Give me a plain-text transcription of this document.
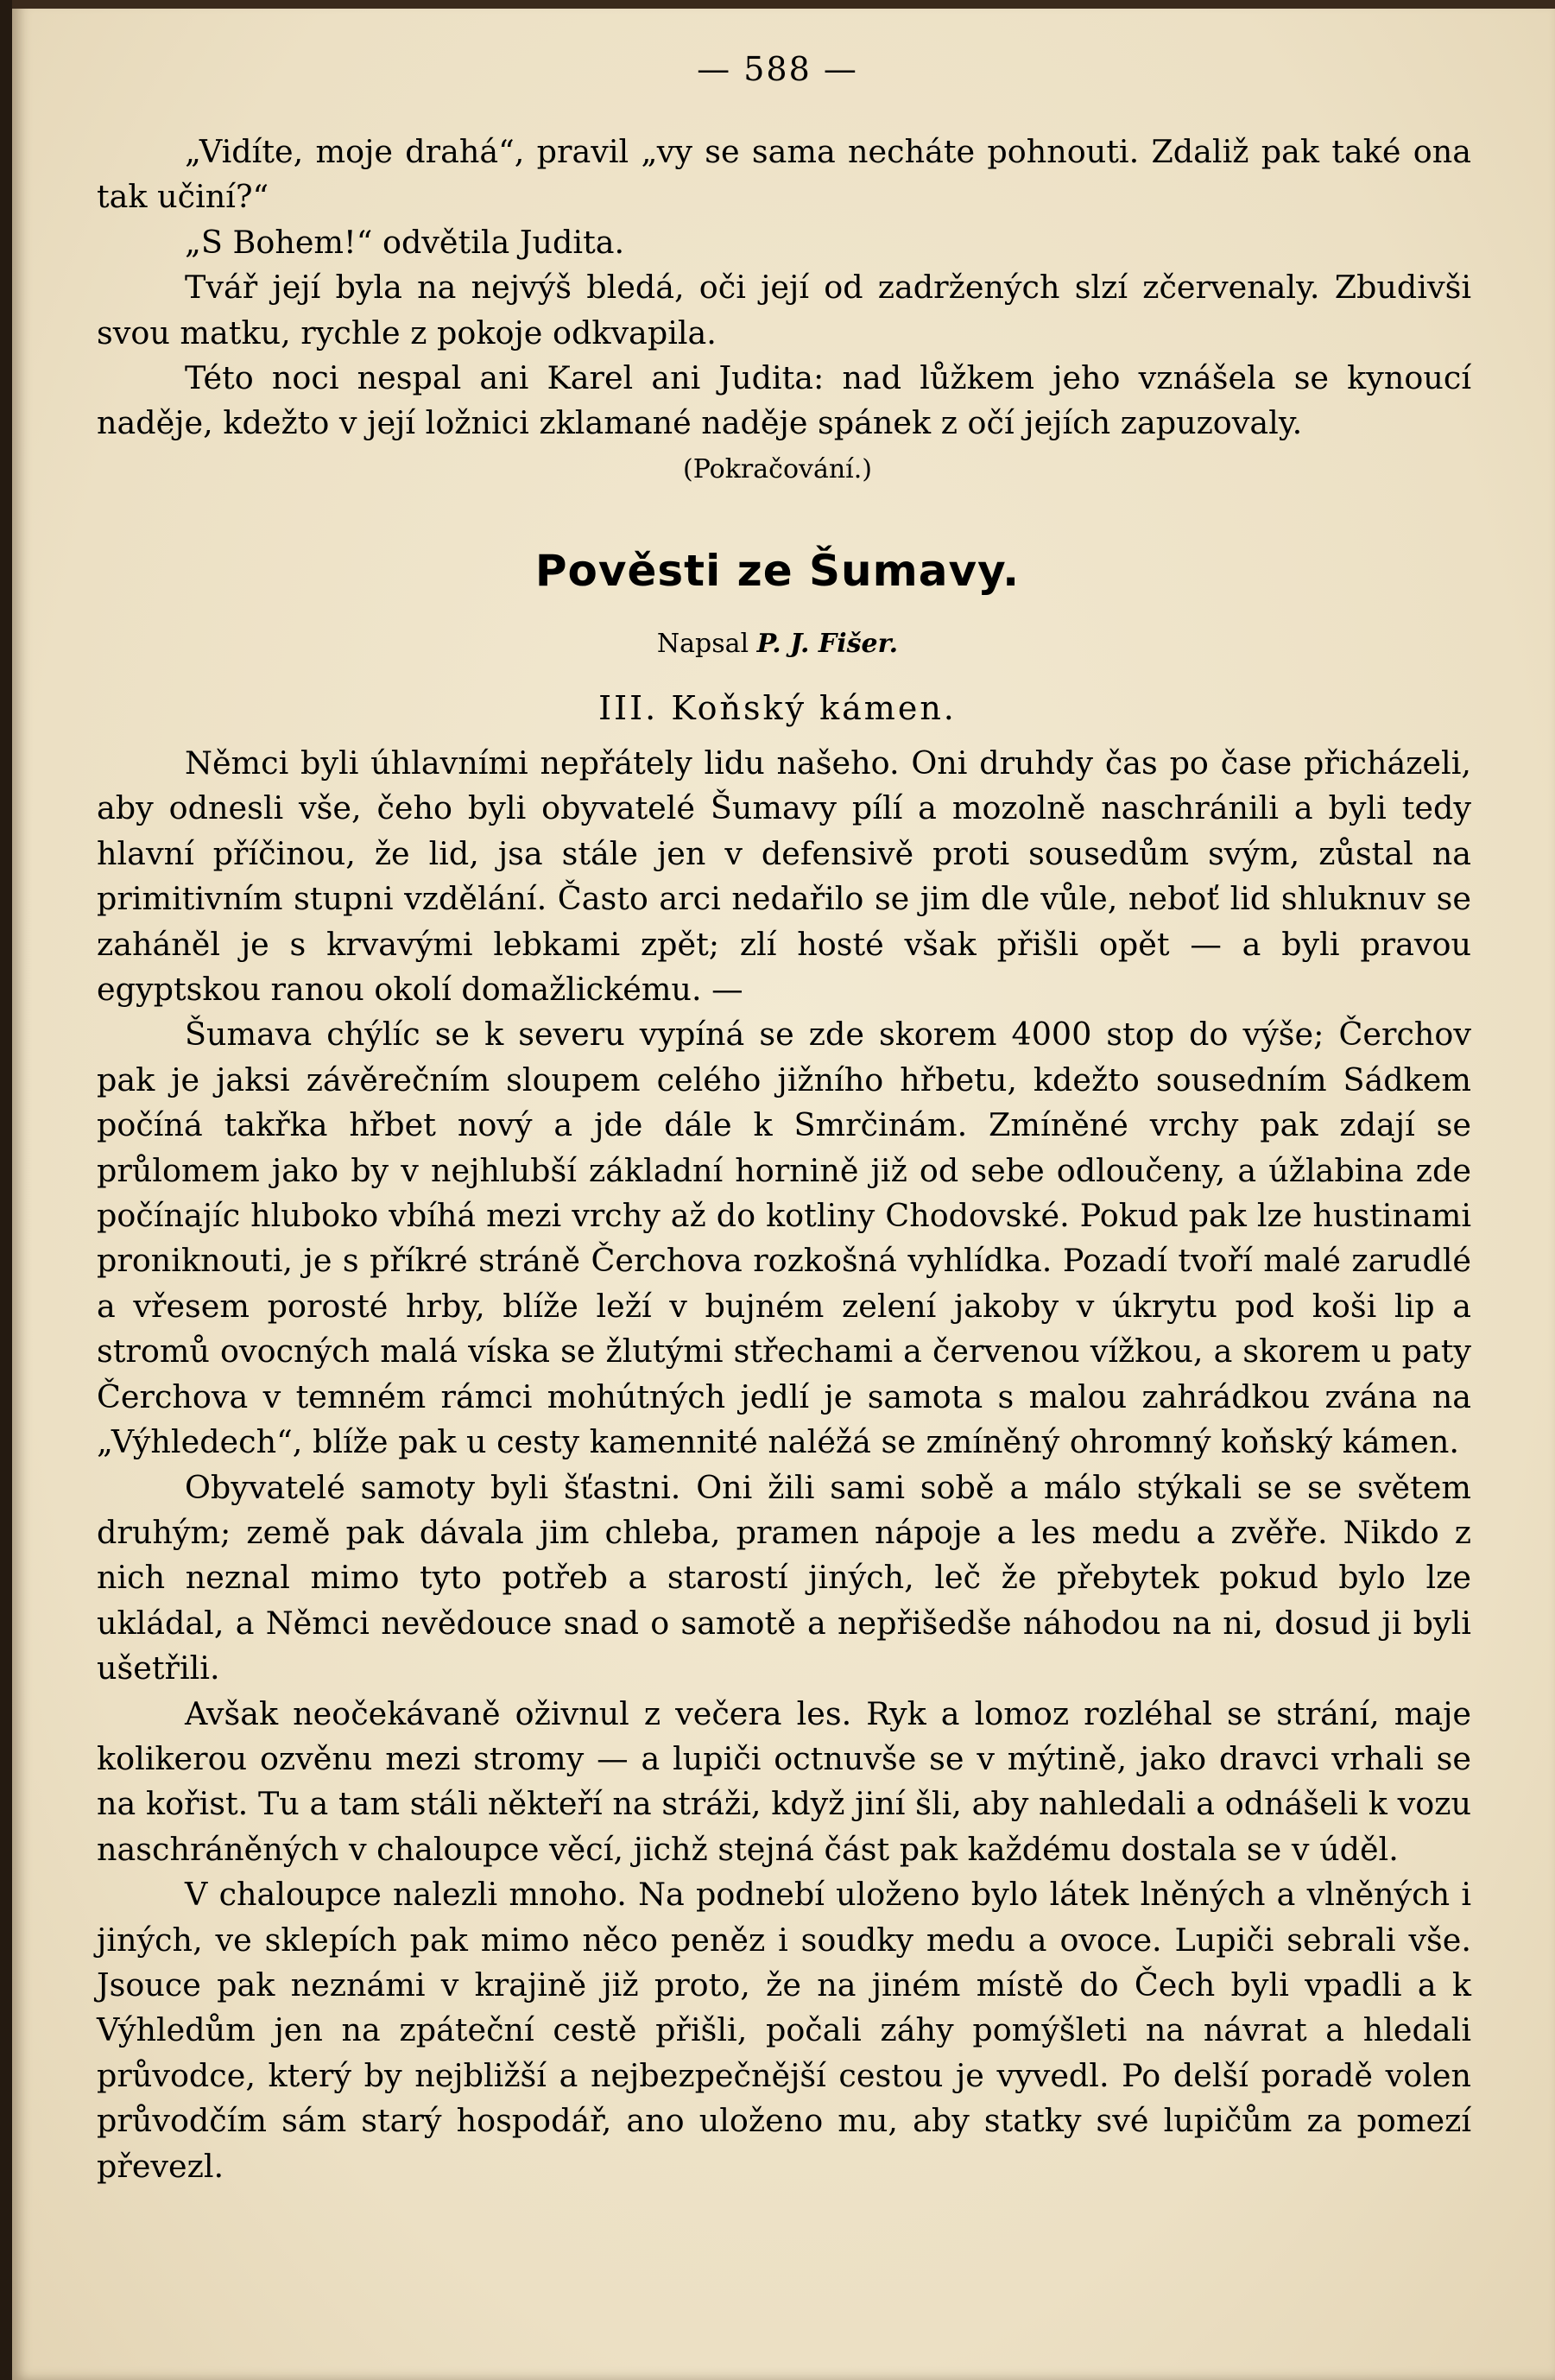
— 588 —

„Vidíte, moje drahá“, pravil „vy se sama necháte pohnouti. Zdaliž pak také ona tak učiní?“

„S Bohem!“ odvětila Judita.

Tvář její byla na nejvýš bledá, oči její od zadržených slzí zčervenaly. Zbudivši svou matku, rychle z pokoje odkvapila.

Této noci nespal ani Karel ani Judita: nad lůžkem jeho vznášela se kynoucí naděje, kdežto v její ložnici zklamané naděje spánek z očí jejích zapuzovaly.

(Pokračování.)
Pověsti ze Šumavy.
Napsal P. J. Fišer.
III. Koňský kámen.

Němci byli úhlavními nepřátely lidu našeho. Oni druhdy čas po čase přicházeli, aby odnesli vše, čeho byli obyvatelé Šumavy pílí a mozolně naschránili a byli tedy hlavní příčinou, že lid, jsa stále jen v defensivě proti sousedům svým, zůstal na primitivním stupni vzdělání. Často arci nedařilo se jim dle vůle, neboť lid shluknuv se zaháněl je s krvavými lebkami zpět; zlí hosté však přišli opět — a byli pravou egyptskou ranou okolí domažlickému. —

Šumava chýlíc se k severu vypíná se zde skorem 4000 stop do výše; Čerchov pak je jaksi závěrečním sloupem celého jižního hřbetu, kdežto sousedním Sádkem počíná takřka hřbet nový a jde dále k Smrčinám. Zmíněné vrchy pak zdají se průlomem jako by v nejhlubší základní hornině již od sebe odloučeny, a úžlabina zde počínajíc hluboko vbíhá mezi vrchy až do kotliny Chodovské. Pokud pak lze hustinami proniknouti, je s příkré stráně Čerchova rozkošná vyhlídka. Pozadí tvoří malé zarudlé a vřesem porosté hrby, blíže leží v bujném zelení jakoby v úkrytu pod koši lip a stromů ovocných malá víska se žlutými střechami a červenou vížkou, a skorem u paty Čerchova v temném rámci mohútných jedlí je samota s malou zahrádkou zvána na „Výhledech“, blíže pak u cesty kamennité naléžá se zmíněný ohromný koňský kámen.

Obyvatelé samoty byli šťastni. Oni žili sami sobě a málo stýkali se se světem druhým; země pak dávala jim chleba, pramen nápoje a les medu a zvěře. Nikdo z nich neznal mimo tyto potřeb a starostí jiných, leč že přebytek pokud bylo lze ukládal, a Němci nevědouce snad o samotě a nepřišedše náhodou na ni, dosud ji byli ušetřili.

Avšak neočekávaně oživnul z večera les. Ryk a lomoz rozléhal se strání, maje kolikerou ozvěnu mezi stromy — a lupiči octnuvše se v mýtině, jako dravci vrhali se na kořist. Tu a tam stáli někteří na stráži, když jiní šli, aby nahledali a odnášeli k vozu naschráněných v chaloupce věcí, jichž stejná část pak každému dostala se v úděl.

V chaloupce nalezli mnoho. Na podnebí uloženo bylo látek lněných a vlněných i jiných, ve sklepích pak mimo něco peněz i soudky medu a ovoce. Lupiči sebrali vše. Jsouce pak neznámi v krajině již proto, že na jiném místě do Čech byli vpadli a k Výhledům jen na zpáteční cestě přišli, počali záhy pomýšleti na návrat a hledali průvodce, který by nejbližší a nejbezpečnější cestou je vyvedl. Po delší poradě volen průvodčím sám starý hospodář, ano uloženo mu, aby statky své lupičům za pomezí převezl.
